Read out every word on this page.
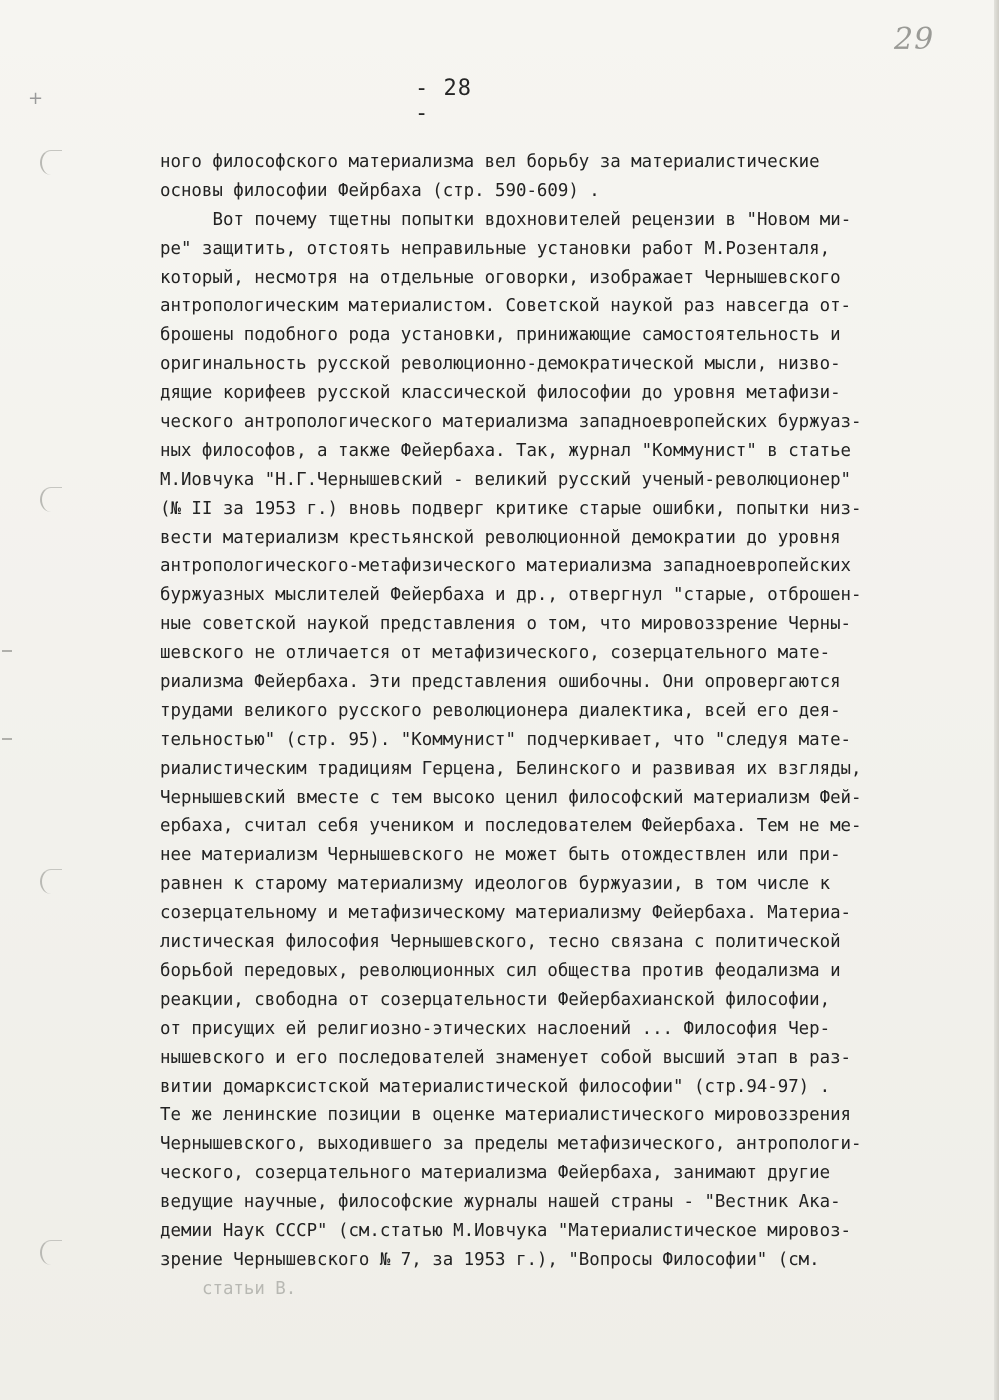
29
- 28 -
+
ного философского материализма вел борьбу за материалистические
основы философии Фейрбаха (стр. 590-609) .
Вот почему тщетны попытки вдохновителей рецензии в "Новом ми-
ре" защитить, отстоять неправильные установки работ М.Розенталя,
который, несмотря на отдельные оговорки, изображает Чернышевского
антропологическим материалистом. Советской наукой раз навсегда от-
брошены подобного рода установки, принижающие самостоятельность и
оригинальность русской революционно-демократической мысли, низво-
дящие корифеев русской классической философии до уровня метафизи-
ческого антропологического материализма западноевропейских буржуаз-
ных философов, а также Фейербаха. Так, журнал "Коммунист" в статье
М.Иовчука "Н.Г.Чернышевский - великий русский ученый-революционер"
(№ II за 1953 г.) вновь подверг критике старые ошибки, попытки низ-
вести материализм крестьянской революционной демократии до уровня
антропологического-метафизического материализма западноевропейских
буржуазных мыслителей Фейербаха и др., отвергнул "старые, отброшен-
ные советской наукой представления о том, что мировоззрение Черны-
шевского не отличается от метафизического, созерцательного мате-
риализма Фейербаха. Эти представления ошибочны. Они опровергаются
трудами великого русского революционера диалектика, всей его дея-
тельностью" (стр. 95). "Коммунист" подчеркивает, что "следуя мате-
риалистическим традициям Герцена, Белинского и развивая их взгляды,
Чернышевский вместе с тем высоко ценил философский материализм Фей-
ербаха, считал себя учеником и последователем Фейербаха. Тем не ме-
нее материализм Чернышевского не может быть отождествлен или при-
равнен к старому материализму идеологов буржуазии, в том числе к
созерцательному и метафизическому материализму Фейербаха. Материа-
листическая философия Чернышевского, тесно связана с политической
борьбой передовых, революционных сил общества против феодализма и
реакции, свободна от созерцательности Фейербахианской философии,
от присущих ей религиозно-этических наслоений ... Философия Чер-
нышевского и его последователей знаменует собой высший этап в раз-
витии домарксистской материалистической философии" (стр.94-97) .
Те же ленинские позиции в оценке материалистического мировоззрения
Чернышевского, выходившего за пределы метафизического, антропологи-
ческого, созерцательного материализма Фейербаха, занимают другие
ведущие научные, философские журналы нашей страны - "Вестник Ака-
демии Наук СССР" (см.статью М.Иовчука "Материалистическое мировоз-
зрение Чернышевского № 7, за 1953 г.), "Вопросы Философии" (см.
статьи В.
